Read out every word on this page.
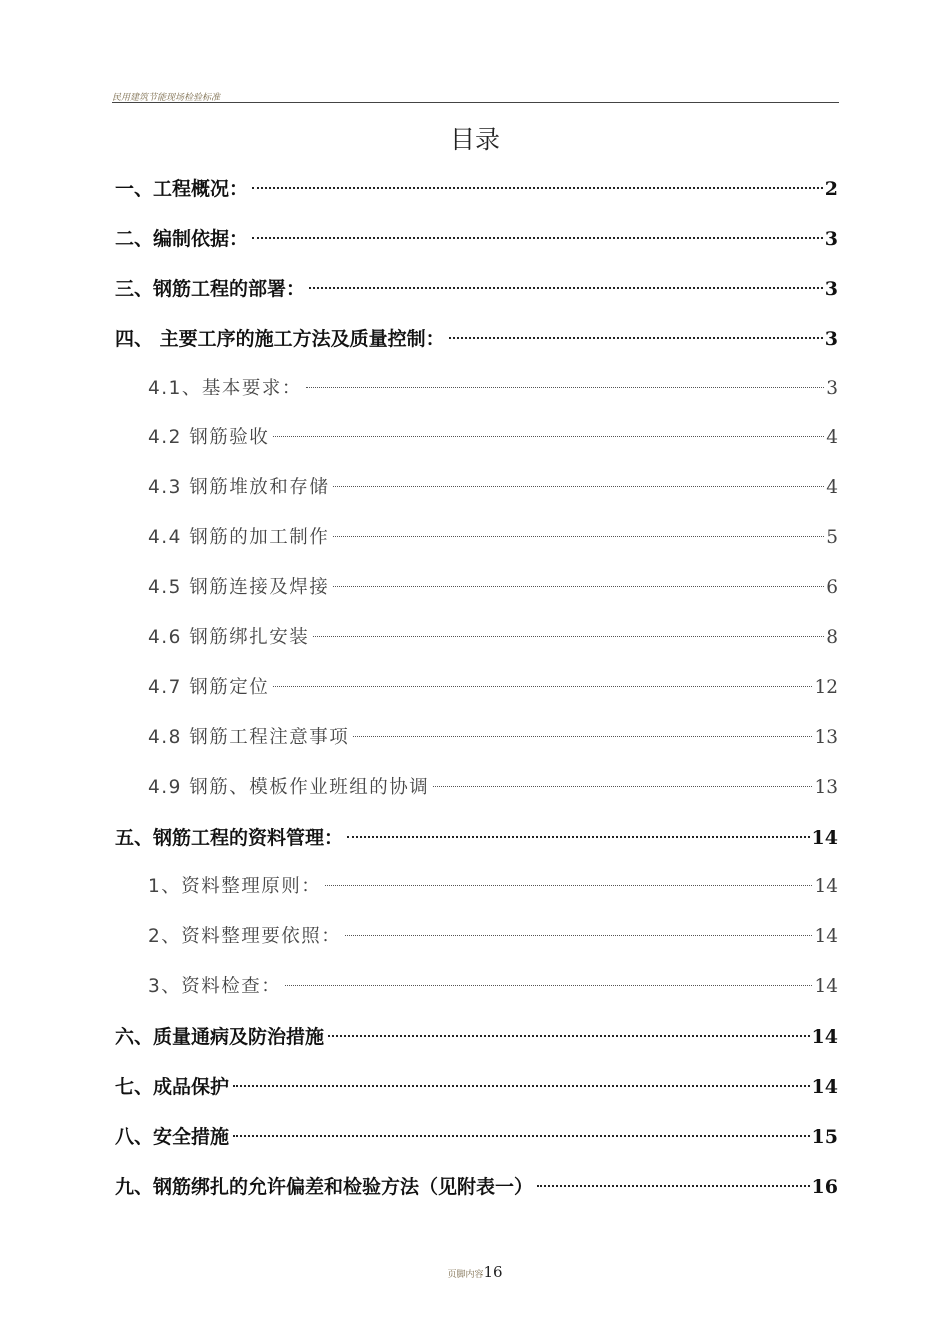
民用建筑节能现场检验标准
目录
一、工程概况：	2
二、编制依据：	3
三、钢筋工程的部署：	3
四、 主要工序的施工方法及质量控制：	3
4.1、基本要求：	3
4.2 钢筋验收	4
4.3 钢筋堆放和存储	4
4.4 钢筋的加工制作	5
4.5 钢筋连接及焊接	6
4.6 钢筋绑扎安装	8
4.7 钢筋定位	12
4.8 钢筋工程注意事项	13
4.9 钢筋、模板作业班组的协调	13
五、钢筋工程的资料管理：	14
1、资料整理原则：	14
2、资料整理要依照：	14
3、资料检查：	14
六、质量通病及防治措施	14
七、成品保护	14
八、安全措施	15
九、钢筋绑扎的允许偏差和检验方法（见附表一）	16
页脚内容16
